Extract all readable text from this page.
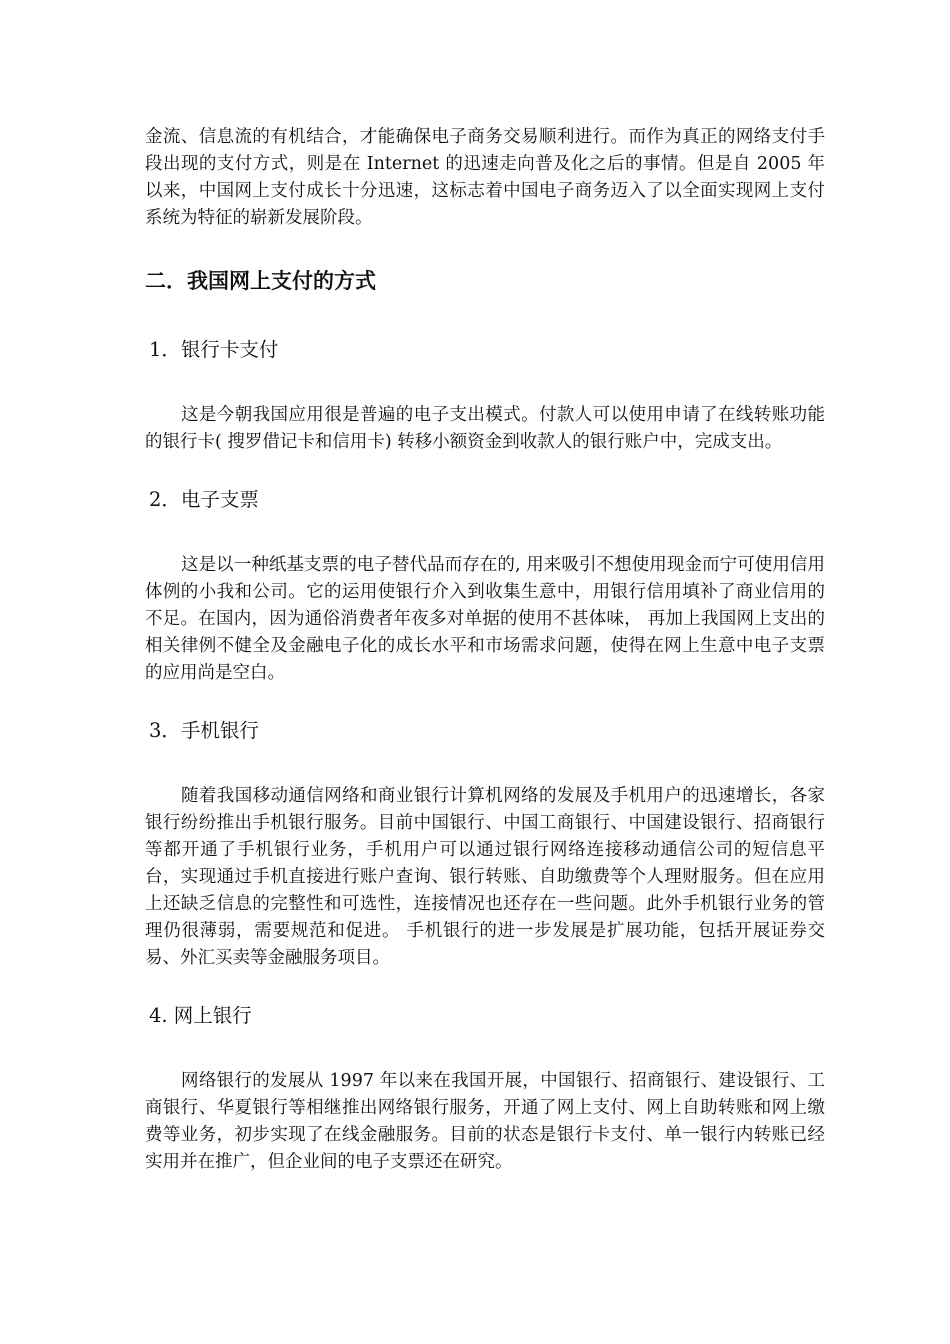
金流、信息流的有机结合，才能确保电子商务交易顺利进行。而作为真正的网络支付手段出现的支付方式，则是在 Internet 的迅速走向普及化之后的事情。但是自 2005 年以来，中国网上支付成长十分迅速，这标志着中国电子商务迈入了以全面实现网上支付系统为特征的崭新发展阶段。

二．我国网上支付的方式
1．银行卡支付

这是今朝我国应用很是普遍的电子支出模式。付款人可以使用申请了在线转账功能的银行卡( 搜罗借记卡和信用卡) 转移小额资金到收款人的银行账户中，完成支出。

2．电子支票

这是以一种纸基支票的电子替代品而存在的, 用来吸引不想使用现金而宁可使用信用体例的小我和公司。它的运用使银行介入到收集生意中，用银行信用填补了商业信用的不足。在国内，因为通俗消费者年夜多对单据的使用不甚体味， 再加上我国网上支出的相关律例不健全及金融电子化的成长水平和市场需求问题，使得在网上生意中电子支票的应用尚是空白。

3．手机银行

随着我国移动通信网络和商业银行计算机网络的发展及手机用户的迅速增长，各家银行纷纷推出手机银行服务。目前中国银行、中国工商银行、中国建设银行、招商银行等都开通了手机银行业务，手机用户可以通过银行网络连接移动通信公司的短信息平台，实现通过手机直接进行账户查询、银行转账、自助缴费等个人理财服务。但在应用上还缺乏信息的完整性和可选性，连接情况也还存在一些问题。此外手机银行业务的管理仍很薄弱，需要规范和促进。 手机银行的进一步发展是扩展功能，包括开展证券交易、外汇买卖等金融服务项目。

4. 网上银行

网络银行的发展从 1997 年以来在我国开展，中国银行、招商银行、建设银行、工商银行、华夏银行等相继推出网络银行服务，开通了网上支付、网上自助转账和网上缴费等业务，初步实现了在线金融服务。目前的状态是银行卡支付、单一银行内转账已经实用并在推广，但企业间的电子支票还在研究。
